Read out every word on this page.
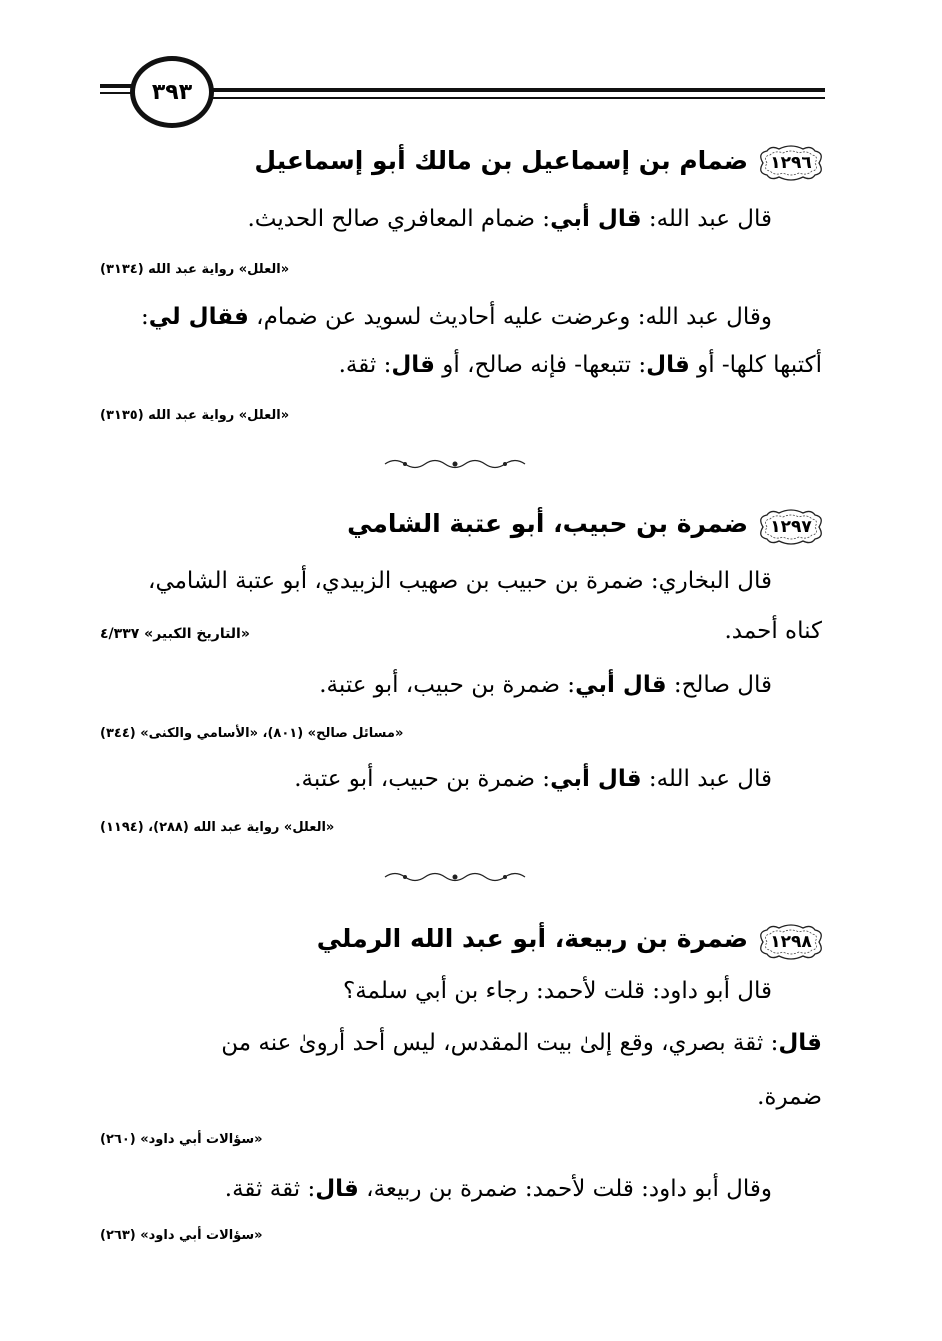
٣٩٣
١٢٩٦
ضمام بن إسماعيل بن مالك أبو إسماعيل
قال عبد الله: قال أبي: ضمام المعافري صالح الحديث.
«العلل» رواية عبد الله (٣١٣٤)
وقال عبد الله: وعرضت عليه أحاديث لسويد عن ضمام، فقال لي:
أكتبها كلها- أو قال: تتبعها- فإنه صالح، أو قال: ثقة.
«العلل» رواية عبد الله (٣١٣٥)
١٢٩٧
ضمرة بن حبيب، أبو عتبة الشامي
قال البخاري: ضمرة بن حبيب بن صهيب الزبيدي، أبو عتبة الشامي،
كناه أحمد.
«التاريخ الكبير» ٤/٣٣٧
قال صالح: قال أبي: ضمرة بن حبيب، أبو عتبة.
«مسائل صالح» (٨٠١)، «الأسامي والكنى» (٣٤٤)
قال عبد الله: قال أبي: ضمرة بن حبيب، أبو عتبة.
«العلل» رواية عبد الله (٢٨٨)، (١١٩٤)
١٢٩٨
ضمرة بن ربيعة، أبو عبد الله الرملي
قال أبو داود: قلت لأحمد: رجاء بن أبي سلمة؟
قال: ثقة بصري، وقع إلىٰ بيت المقدس، ليس أحد أروىٰ عنه من
ضمرة.
«سؤالات أبي داود» (٢٦٠)
وقال أبو داود: قلت لأحمد: ضمرة بن ربيعة، قال: ثقة ثقة.
«سؤالات أبي داود» (٢٦٣)
